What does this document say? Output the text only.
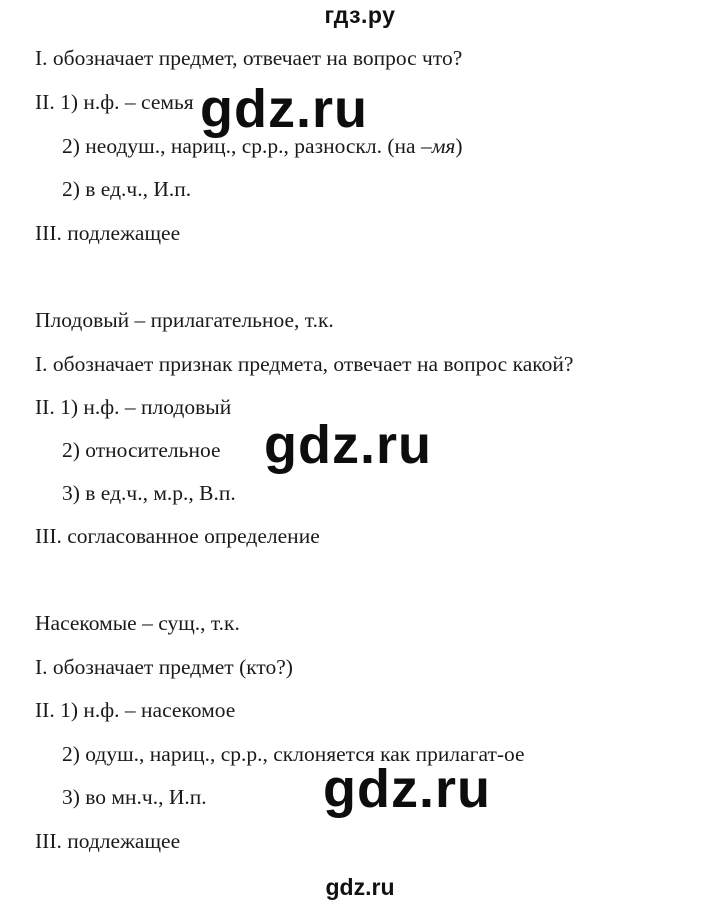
гдз.ру
I. обозначает предмет, отвечает на вопрос что?
II. 1) н.ф. – семья
2) неодуш., нариц., ср.р., разноскл. (на –мя)
2) в ед.ч., И.п.
III. подлежащее
Плодовый – прилагательное, т.к.
I. обозначает признак предмета, отвечает на вопрос какой?
II. 1) н.ф. – плодовый
2) относительное
3) в ед.ч., м.р., В.п.
III. согласованное определение
Насекомые – сущ., т.к.
I. обозначает предмет (кто?)
II. 1) н.ф. – насекомое
2) одуш., нариц., ср.р., склоняется как прилагат-ое
3) во мн.ч., И.п.
III. подлежащее
gdz.ru
gdz.ru
gdz.ru
gdz.ru
